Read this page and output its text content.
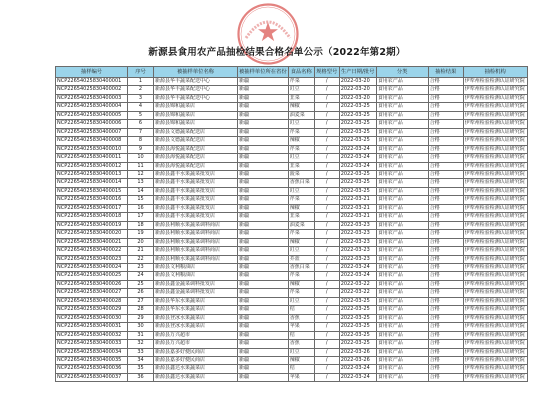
新源县食用农产品抽检结果合格名单公示（2022年第2期）
抽样编号	序号	被抽样单位名称	被抽样单位所在省份	食品名称	规格型号	生产日期/批号	分类	抽检结果	抽检机构
NCP22654025830400001	1	新源县华丰蔬菜配送中心	新疆	芹菜	/	2022-03-20	食用农产品	合格	伊犁州检验检测认证研究院
NCP22654025830400002	2	新源县华丰蔬菜配送中心	新疆	豇豆	/	2022-03-20	食用农产品	合格	伊犁州检验检测认证研究院
NCP22654025830400003	3	新源县华丰蔬菜配送中心	新疆	韭菜	/	2022-03-20	食用农产品	合格	伊犁州检验检测认证研究院
NCP22654025830400004	4	新源县锦和蔬菜店	新疆	辣椒	/	2022-03-25	食用农产品	合格	伊犁州检验检测认证研究院
NCP22654025830400005	5	新源县锦和蔬菜店	新疆	油麦菜	/	2022-03-25	食用农产品	合格	伊犁州检验检测认证研究院
NCP22654025830400006	6	新源县锦和蔬菜店	新疆	豇豆	/	2022-03-25	食用农产品	合格	伊犁州检验检测认证研究院
NCP22654025830400007	7	新源县文德蔬菜配送店	新疆	芹菜	/	2022-03-25	食用农产品	合格	伊犁州检验检测认证研究院
NCP22654025830400008	8	新源县文德蔬菜配送店	新疆	辣椒	/	2022-03-25	食用农产品	合格	伊犁州检验检测认证研究院
NCP22654025830400010	9	新源县海悦蔬菜配送店	新疆	芹菜	/	2022-03-24	食用农产品	合格	伊犁州检验检测认证研究院
NCP22654025830400011	10	新源县海悦蔬菜配送店	新疆	豇豆	/	2022-03-24	食用农产品	合格	伊犁州检验检测认证研究院
NCP22654025830400012	11	新源县海悦蔬菜配送店	新疆	韭菜	/	2022-03-24	食用农产品	合格	伊犁州检验检测认证研究院
NCP22654025830400013	12	新源县鑫丰水果蔬菜批发店	新疆	菠菜	/	2022-03-25	食用农产品	合格	伊犁州检验检测认证研究院
NCP22654025830400014	13	新源县鑫丰水果蔬菜批发店	新疆	香蕉白菜	/	2022-03-25	食用农产品	合格	伊犁州检验检测认证研究院
NCP22654025830400015	14	新源县鑫丰水果蔬菜批发店	新疆	豇豆	/	2022-03-25	食用农产品	合格	伊犁州检验检测认证研究院
NCP22654025830400016	15	新源县鑫丰水果蔬菜批发店	新疆	芹菜	/	2022-03-21	食用农产品	合格	伊犁州检验检测认证研究院
NCP22654025830400017	16	新源县鑫丰水果蔬菜批发店	新疆	辣椒	/	2022-03-21	食用农产品	合格	伊犁州检验检测认证研究院
NCP22654025830400018	17	新源县鑫丰水果蔬菜批发店	新疆	韭菜	/	2022-03-21	食用农产品	合格	伊犁州检验检测认证研究院
NCP22654025830400019	18	新源县利顺水果蔬菜调料商店	新疆	油麦菜	/	2022-03-23	食用农产品	合格	伊犁州检验检测认证研究院
NCP22654025830400020	19	新源县利顺水果蔬菜调料商店	新疆	芹菜	/	2022-03-23	食用农产品	合格	伊犁州检验检测认证研究院
NCP22654025830400021	20	新源县利顺水果蔬菜调料商店	新疆	辣椒	/	2022-03-23	食用农产品	合格	伊犁州检验检测认证研究院
NCP22654025830400022	21	新源县利顺水果蔬菜调料商店	新疆	豇豆	/	2022-03-23	食用农产品	合格	伊犁州检验检测认证研究院
NCP22654025830400023	22	新源县利顺水果蔬菜调料商店	新疆	芥蓝	/	2022-03-23	食用农产品	合格	伊犁州检验检测认证研究院
NCP22654025830400024	23	新源县文利粮油店	新疆	香蕉白菜	/	2022-03-24	食用农产品	合格	伊犁州检验检测认证研究院
NCP22654025830400025	24	新源县文利粮油店	新疆	芹菜	/	2022-03-24	食用农产品	合格	伊犁州检验检测认证研究院
NCP22654025830400026	25	新源县鑫金蔬菜调料批发店	新疆	辣椒	/	2022-03-22	食用农产品	合格	伊犁州检验检测认证研究院
NCP22654025830400027	26	新源县鑫金蔬菜调料批发店	新疆	芹菜	/	2022-03-22	食用农产品	合格	伊犁州检验检测认证研究院
NCP22654025830400028	27	新源县华东水果蔬菜店	新疆	豇豆	/	2022-03-25	食用农产品	合格	伊犁州检验检测认证研究院
NCP22654025830400029	28	新源县华东水果蔬菜店	新疆	桔	/	2022-03-25	食用农产品	合格	伊犁州检验检测认证研究院
NCP22654025830400030	29	新源县登冰水果蔬菜店	新疆	香蕉	/	2022-03-25	食用农产品	合格	伊犁州检验检测认证研究院
NCP22654025830400031	30	新源县登冰水果蔬菜店	新疆	苹果	/	2022-03-25	食用农产品	合格	伊犁州检验检测认证研究院
NCP22654025830400032	31	新源县万兴超市	新疆	桔	/	2022-03-25	食用农产品	合格	伊犁州检验检测认证研究院
NCP22654025830400033	32	新源县万兴超市	新疆	香蕉	/	2022-03-25	食用农产品	合格	伊犁州检验检测认证研究院
NCP22654025830400034	33	新源县嘉多好便民商店	新疆	豇豆	/	2022-03-26	食用农产品	合格	伊犁州检验检测认证研究院
NCP22654025830400035	34	新源县嘉多好便民商店	新疆	辣椒	/	2022-03-26	食用农产品	合格	伊犁州检验检测认证研究院
NCP22654025830400036	35	新源县鑫达水果蔬菜店	新疆	桔	/	2022-03-24	食用农产品	合格	伊犁州检验检测认证研究院
NCP22654025830400037	36	新源县鑫达水果蔬菜店	新疆	苹果	/	2022-03-24	食用农产品	合格	伊犁州检验检测认证研究院
